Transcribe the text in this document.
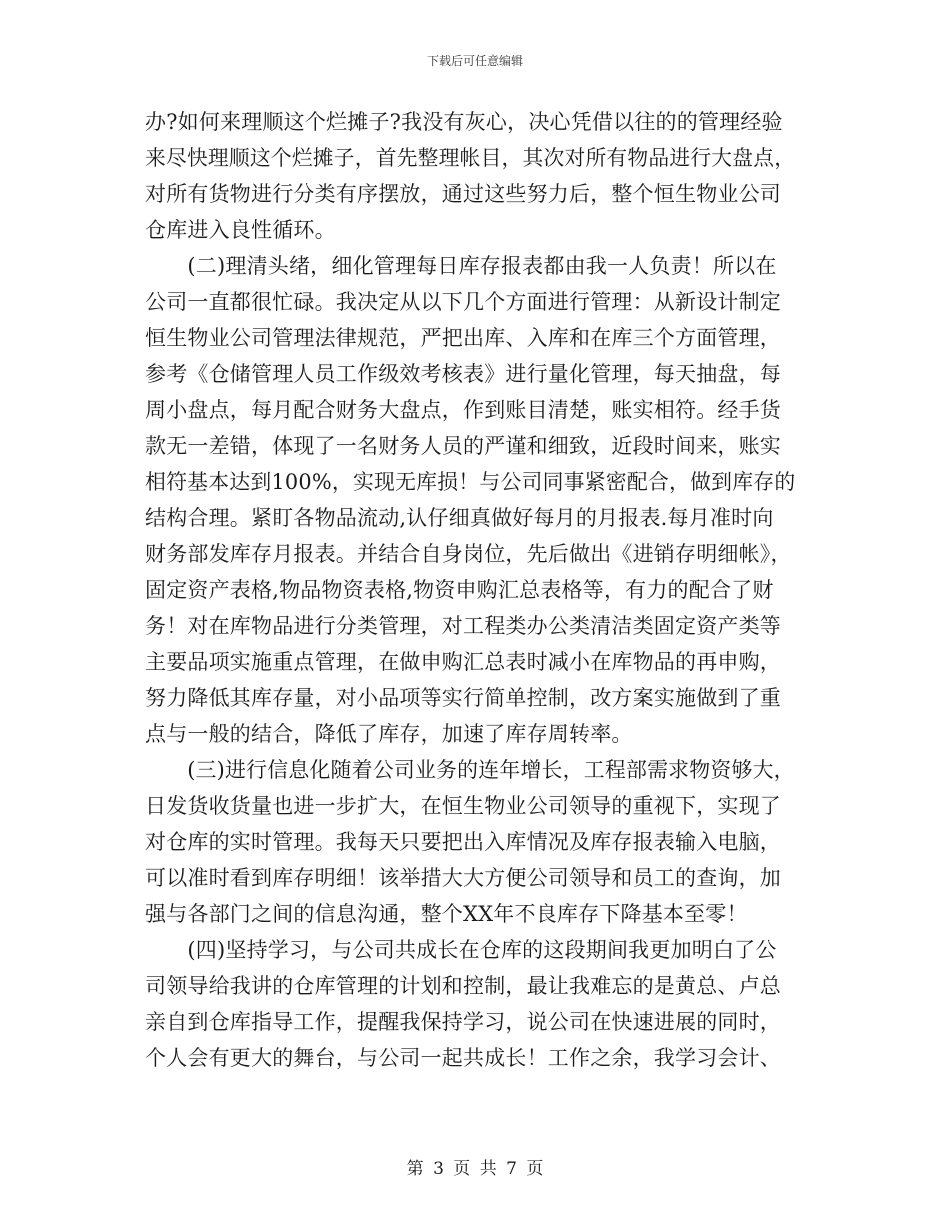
下载后可任意编辑
办?如何来理顺这个烂摊子?我没有灰心，决心凭借以往的的管理经验
来尽快理顺这个烂摊子，首先整理帐目，其次对所有物品进行大盘点，
对所有货物进行分类有序摆放，通过这些努力后，整个恒生物业公司
仓库进入良性循环。
　　(二)理清头绪，细化管理每日库存报表都由我一人负责！所以在
公司一直都很忙碌。我决定从以下几个方面进行管理：从新设计制定
恒生物业公司管理法律规范，严把出库、入库和在库三个方面管理，
参考《仓储管理人员工作级效考核表》进行量化管理，每天抽盘，每
周小盘点，每月配合财务大盘点，作到账目清楚，账实相符。经手货
款无一差错，体现了一名财务人员的严谨和细致，近段时间来，账实
相符基本达到100%，实现无库损！与公司同事紧密配合，做到库存的
结构合理。紧盯各物品流动,认仔细真做好每月的月报表.每月准时向
财务部发库存月报表。并结合自身岗位，先后做出《进销存明细帐》，
固定资产表格,物品物资表格,物资申购汇总表格等，有力的配合了财
务！对在库物品进行分类管理，对工程类办公类清洁类固定资产类等
主要品项实施重点管理，在做申购汇总表时减小在库物品的再申购，
努力降低其库存量，对小品项等实行简单控制，改方案实施做到了重
点与一般的结合，降低了库存，加速了库存周转率。
　　(三)进行信息化随着公司业务的连年增长，工程部需求物资够大，
日发货收货量也进一步扩大，在恒生物业公司领导的重视下，实现了
对仓库的实时管理。我每天只要把出入库情况及库存报表输入电脑，
可以准时看到库存明细！该举措大大方便公司领导和员工的查询，加
强与各部门之间的信息沟通，整个XX年不良库存下降基本至零！
　　(四)坚持学习，与公司共成长在仓库的这段期间我更加明白了公
司领导给我讲的仓库管理的计划和控制，最让我难忘的是黄总、卢总
亲自到仓库指导工作，提醒我保持学习，说公司在快速进展的同时，
个人会有更大的舞台，与公司一起共成长！工作之余，我学习会计、
第 3 页 共 7 页
